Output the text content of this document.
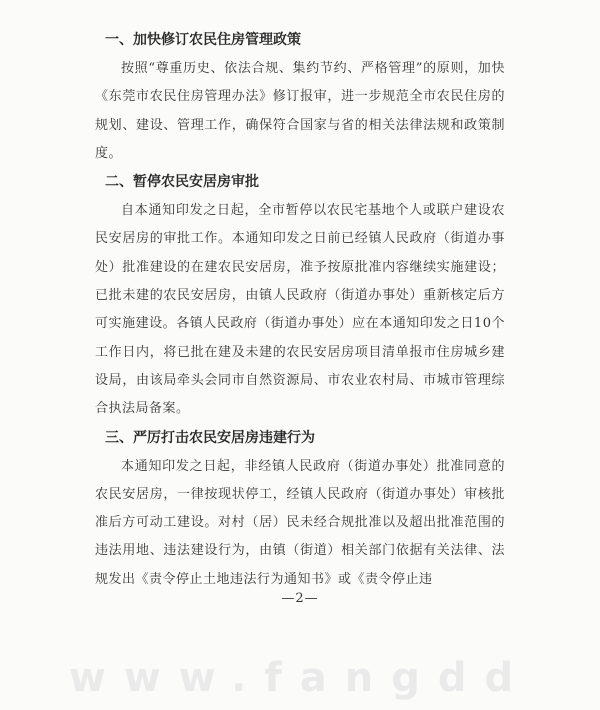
一、加快修订农民住房管理政策
按照“尊重历史、依法合规、集约节约、严格管理”的原则，加快《东莞市农民住房管理办法》修订报审，进一步规范全市农民住房的规划、建设、管理工作，确保符合国家与省的相关法律法规和政策制度。
二、暂停农民安居房审批
自本通知印发之日起，全市暂停以农民宅基地个人或联户建设农民安居房的审批工作。本通知印发之日前已经镇人民政府（街道办事处）批准建设的在建农民安居房，准予按原批准内容继续实施建设；已批未建的农民安居房，由镇人民政府（街道办事处）重新核定后方可实施建设。各镇人民政府（街道办事处）应在本通知印发之日10个工作日内，将已批在建及未建的农民安居房项目清单报市住房城乡建设局，由该局牵头会同市自然资源局、市农业农村局、市城市管理综合执法局备案。
三、严厉打击农民安居房违建行为
本通知印发之日起，非经镇人民政府（街道办事处）批准同意的农民安居房，一律按现状停工，经镇人民政府（街道办事处）审核批准后方可动工建设。对村（居）民未经合规批准以及超出批准范围的违法用地、违法建设行为，由镇（街道）相关部门依据有关法律、法规发出《责令停止土地违法行为通知书》或《责令停止违
—2—
www.fangdd
